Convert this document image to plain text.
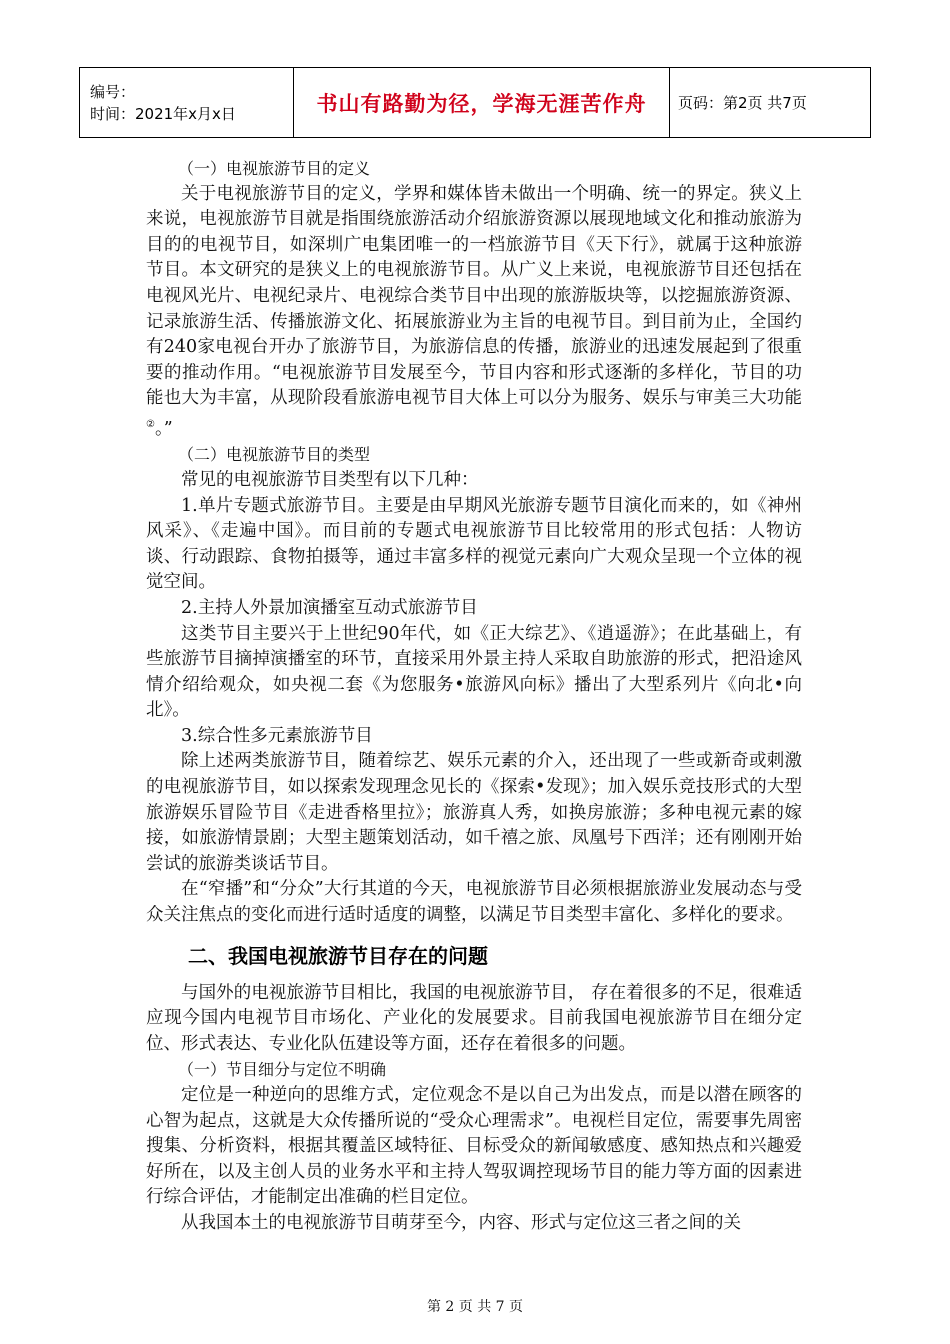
编号：
时间：2021年x月x日	书山有路勤为径，学海无涯苦作舟	页码：第2页 共7页

（一）电视旅游节目的定义

关于电视旅游节目的定义，学界和媒体皆未做出一个明确、统一的界定。狭义上来说，电视旅游节目就是指围绕旅游活动介绍旅游资源以展现地域文化和推动旅游为目的的电视节目，如深圳广电集团唯一的一档旅游节目《天下行》，就属于这种旅游节目。本文研究的是狭义上的电视旅游节目。从广义上来说，电视旅游节目还包括在电视风光片、电视纪录片、电视综合类节目中出现的旅游版块等，以挖掘旅游资源、记录旅游生活、传播旅游文化、拓展旅游业为主旨的电视节目。到目前为止，全国约有240家电视台开办了旅游节目，为旅游信息的传播，旅游业的迅速发展起到了很重要的推动作用。“电视旅游节目发展至今，节目内容和形式逐渐的多样化，节目的功能也大为丰富，从现阶段看旅游电视节目大体上可以分为服务、娱乐与审美三大功能②。”

（二）电视旅游节目的类型

常见的电视旅游节目类型有以下几种：

1.单片专题式旅游节目。主要是由早期风光旅游专题节目演化而来的，如《神州风采》、《走遍中国》。而目前的专题式电视旅游节目比较常用的形式包括：人物访谈、行动跟踪、食物拍摄等，通过丰富多样的视觉元素向广大观众呈现一个立体的视觉空间。

2.主持人外景加演播室互动式旅游节目

这类节目主要兴于上世纪90年代，如《正大综艺》、《逍遥游》；在此基础上，有些旅游节目摘掉演播室的环节，直接采用外景主持人采取自助旅游的形式，把沿途风情介绍给观众，如央视二套《为您服务•旅游风向标》播出了大型系列片《向北•向北》。

3.综合性多元素旅游节目

除上述两类旅游节目，随着综艺、娱乐元素的介入，还出现了一些或新奇或刺激的电视旅游节目，如以探索发现理念见长的《探索•发现》；加入娱乐竞技形式的大型旅游娱乐冒险节目《走进香格里拉》；旅游真人秀，如换房旅游；多种电视元素的嫁接，如旅游情景剧；大型主题策划活动，如千禧之旅、凤凰号下西洋；还有刚刚开始尝试的旅游类谈话节目。

在“窄播”和“分众”大行其道的今天，电视旅游节目必须根据旅游业发展动态与受众关注焦点的变化而进行适时适度的调整，以满足节目类型丰富化、多样化的要求。

二、我国电视旅游节目存在的问题

与国外的电视旅游节目相比，我国的电视旅游节目， 存在着很多的不足，很难适应现今国内电视节目市场化、产业化的发展要求。目前我国电视旅游节目在细分定位、形式表达、专业化队伍建设等方面，还存在着很多的问题。

（一）节目细分与定位不明确

定位是一种逆向的思维方式，定位观念不是以自己为出发点，而是以潜在顾客的心智为起点，这就是大众传播所说的“受众心理需求”。电视栏目定位，需要事先周密搜集、分析资料，根据其覆盖区域特征、目标受众的新闻敏感度、感知热点和兴趣爱好所在，以及主创人员的业务水平和主持人驾驭调控现场节目的能力等方面的因素进行综合评估，才能制定出准确的栏目定位。

从我国本土的电视旅游节目萌芽至今，内容、形式与定位这三者之间的关

第 2 页 共 7 页
